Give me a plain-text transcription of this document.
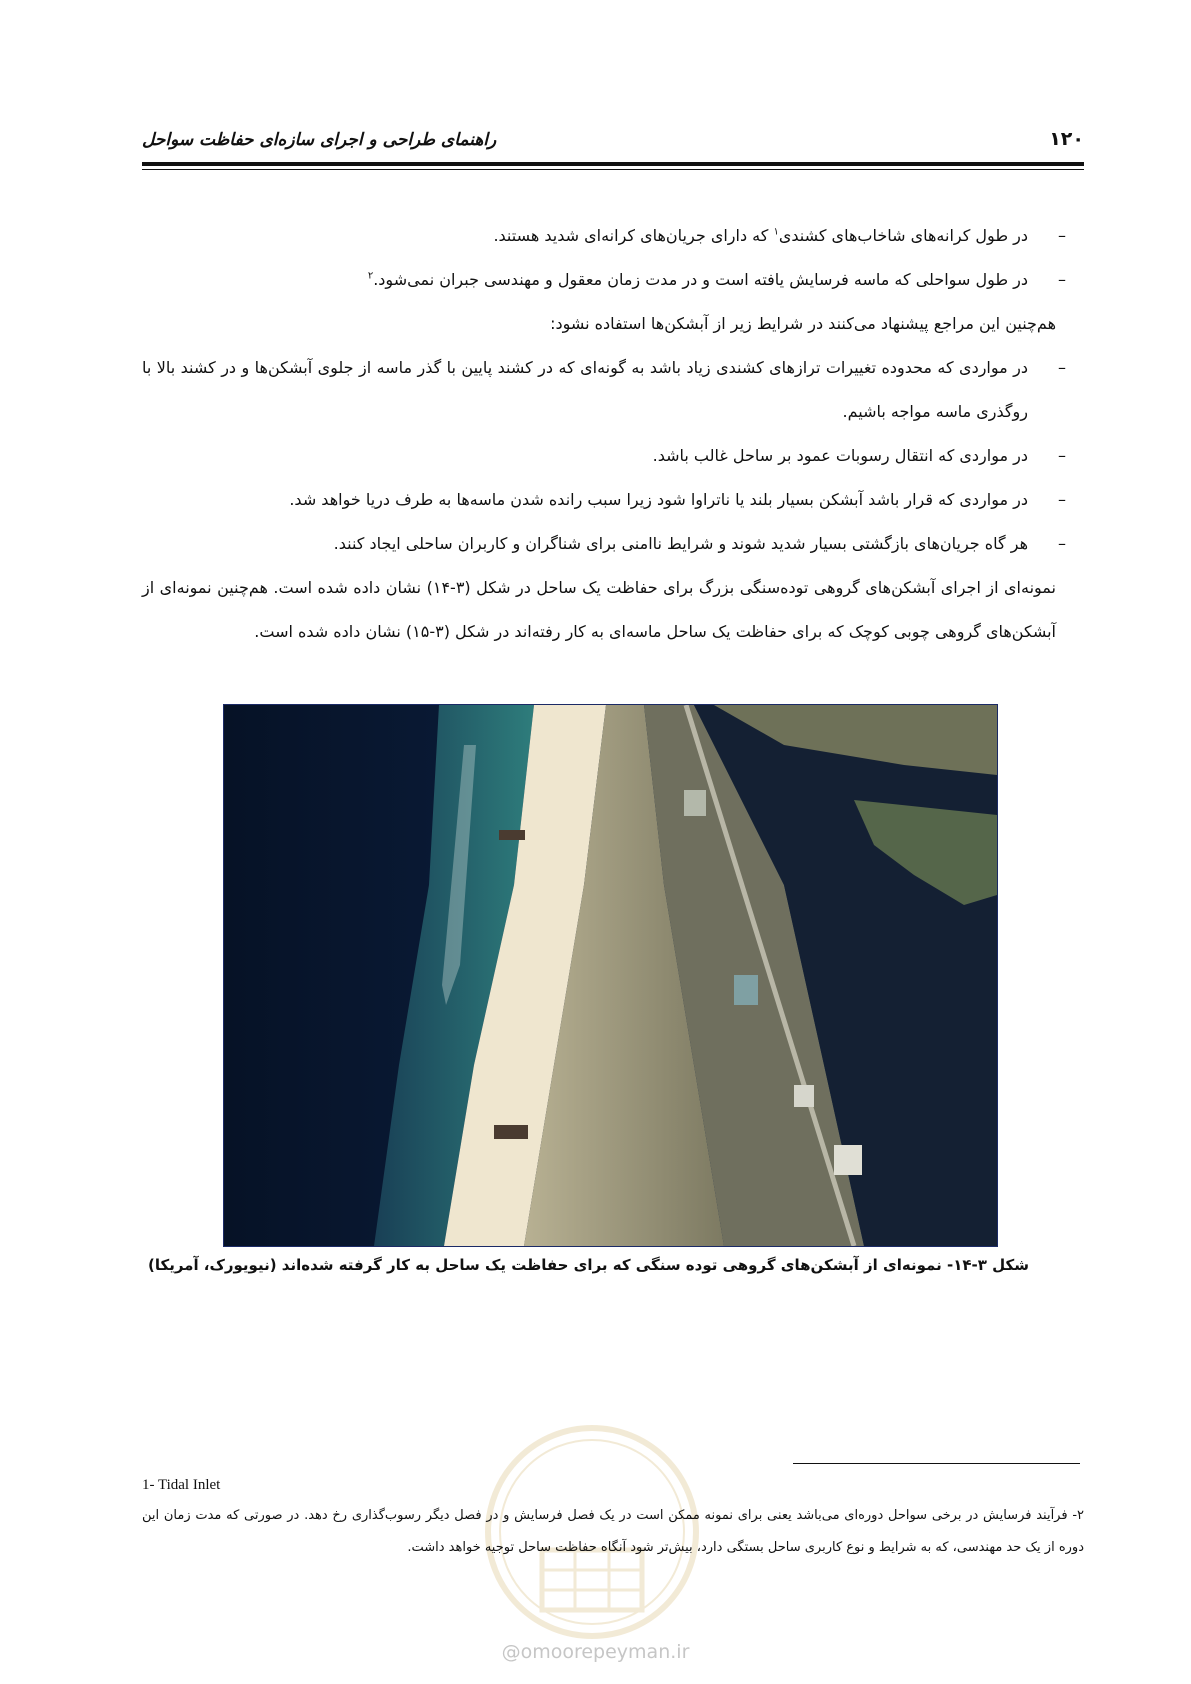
۱۲۰
راهنمای طراحی و اجرای سازه‌ای حفاظت سواحل

–
در طول کرانه‌های شاخاب‌های کشندی$^۱$ که دارای جریان‌های کرانه‌ای شدید هستند.

–
در طول سواحلی که ماسه فرسایش یافته است و در مدت زمان معقول و مهندسی جبران نمی‌شود.$^۲$

هم‌چنین این مراجع پیشنهاد می‌کنند در شرایط زیر از آبشکن‌ها استفاده نشود:

–
در مواردی که محدوده تغییرات ترازهای کشندی زیاد باشد به گونه‌ای که در کشند پایین با گذر ماسه از جلوی آبشکن‌ها و در کشند بالا با روگذری ماسه مواجه باشیم.

–
در مواردی که انتقال رسوبات عمود بر ساحل غالب باشد.

–
در مواردی که قرار باشد آبشکن بسیار بلند یا ناتراوا شود زیرا سبب رانده شدن ماسه‌ها به طرف دریا خواهد شد.

–
هر گاه جریان‌های بازگشتی بسیار شدید شوند و شرایط ناامنی برای شناگران و کاربران ساحلی ایجاد کنند.

نمونه‌ای از اجرای آبشکن‌های گروهی توده‌سنگی بزرگ برای حفاظت یک ساحل در شکل (۳-۱۴) نشان داده شده است. هم‌چنین نمونه‌ای از آبشکن‌های گروهی چوبی کوچک که برای حفاظت یک ساحل ماسه‌ای به کار رفته‌اند در شکل (۳-۱۵) نشان داده شده است.

شکل ۳-۱۴- نمونه‌ای از آبشکن‌های گروهی توده سنگی که برای حفاظت یک ساحل به کار گرفته شده‌اند (نیویورک، آمریکا)
@omoorepeyman.ir
1- Tidal Inlet
۲- فرآیند فرسایش در برخی سواحل دوره‌ای می‌باشد یعنی برای نمونه ممکن است در یک فصل فرسایش و در فصل دیگر رسوب‌گذاری رخ دهد. در صورتی که مدت زمان این دوره از یک حد مهندسی، که به شرایط و نوع کاربری ساحل بستگی دارد، بیش‌تر شود آنگاه حفاظت ساحل توجیه خواهد داشت.
